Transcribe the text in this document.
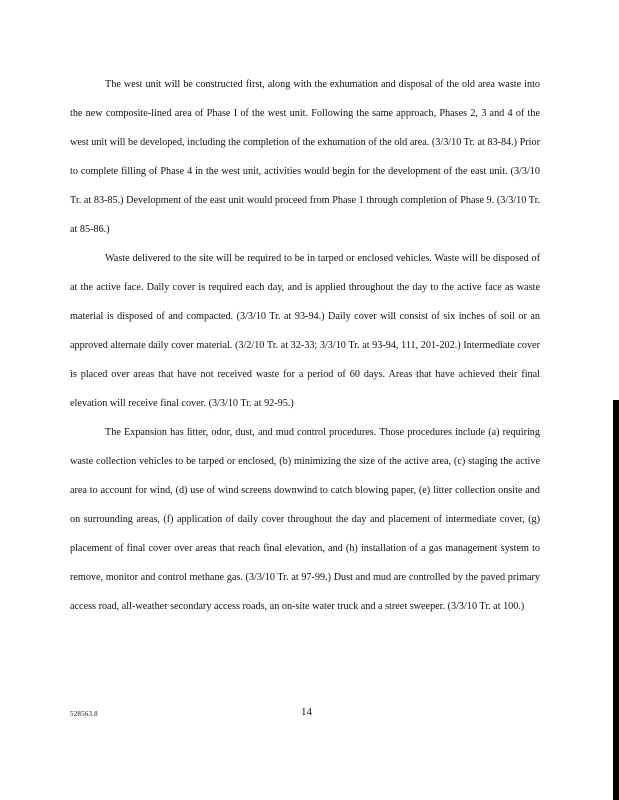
The west unit will be constructed first, along with the exhumation and disposal of the old area waste into the new composite-lined area of Phase I of the west unit. Following the same approach, Phases 2, 3 and 4 of the west unit will be developed, including the completion of the exhumation of the old area. (3/3/10 Tr. at 83-84.) Prior to complete filling of Phase 4 in the west unit, activities would begin for the development of the east unit. (3/3/10 Tr. at 83-85.) Development of the east unit would proceed from Phase 1 through completion of Phase 9. (3/3/10 Tr. at 85-86.)

Waste delivered to the site will be required to be in tarped or enclosed vehicles. Waste will be disposed of at the active face. Daily cover is required each day, and is applied throughout the day to the active face as waste material is disposed of and compacted. (3/3/10 Tr. at 93-94.) Daily cover will consist of six inches of soil or an approved alternate daily cover material. (3/2/10 Tr. at 32-33; 3/3/10 Tr. at 93-94, 111, 201-202.) Intermediate cover is placed over areas that have not received waste for a period of 60 days. Areas that have achieved their final elevation will receive final cover. (3/3/10 Tr. at 92-95.)

The Expansion has litter, odor, dust, and mud control procedures. Those procedures include (a) requiring waste collection vehicles to be tarped or enclosed, (b) minimizing the size of the active area, (c) staging the active area to account for wind, (d) use of wind screens downwind to catch blowing paper, (e) litter collection onsite and on surrounding areas, (f) application of daily cover throughout the day and placement of intermediate cover, (g) placement of final cover over areas that reach final elevation, and (h) installation of a gas management system to remove, monitor and control methane gas. (3/3/10 Tr. at 97-99.) Dust and mud are controlled by the paved primary access road, all-weather secondary access roads, an on-site water truck and a street sweeper. (3/3/10 Tr. at 100.)

528563.8	14
